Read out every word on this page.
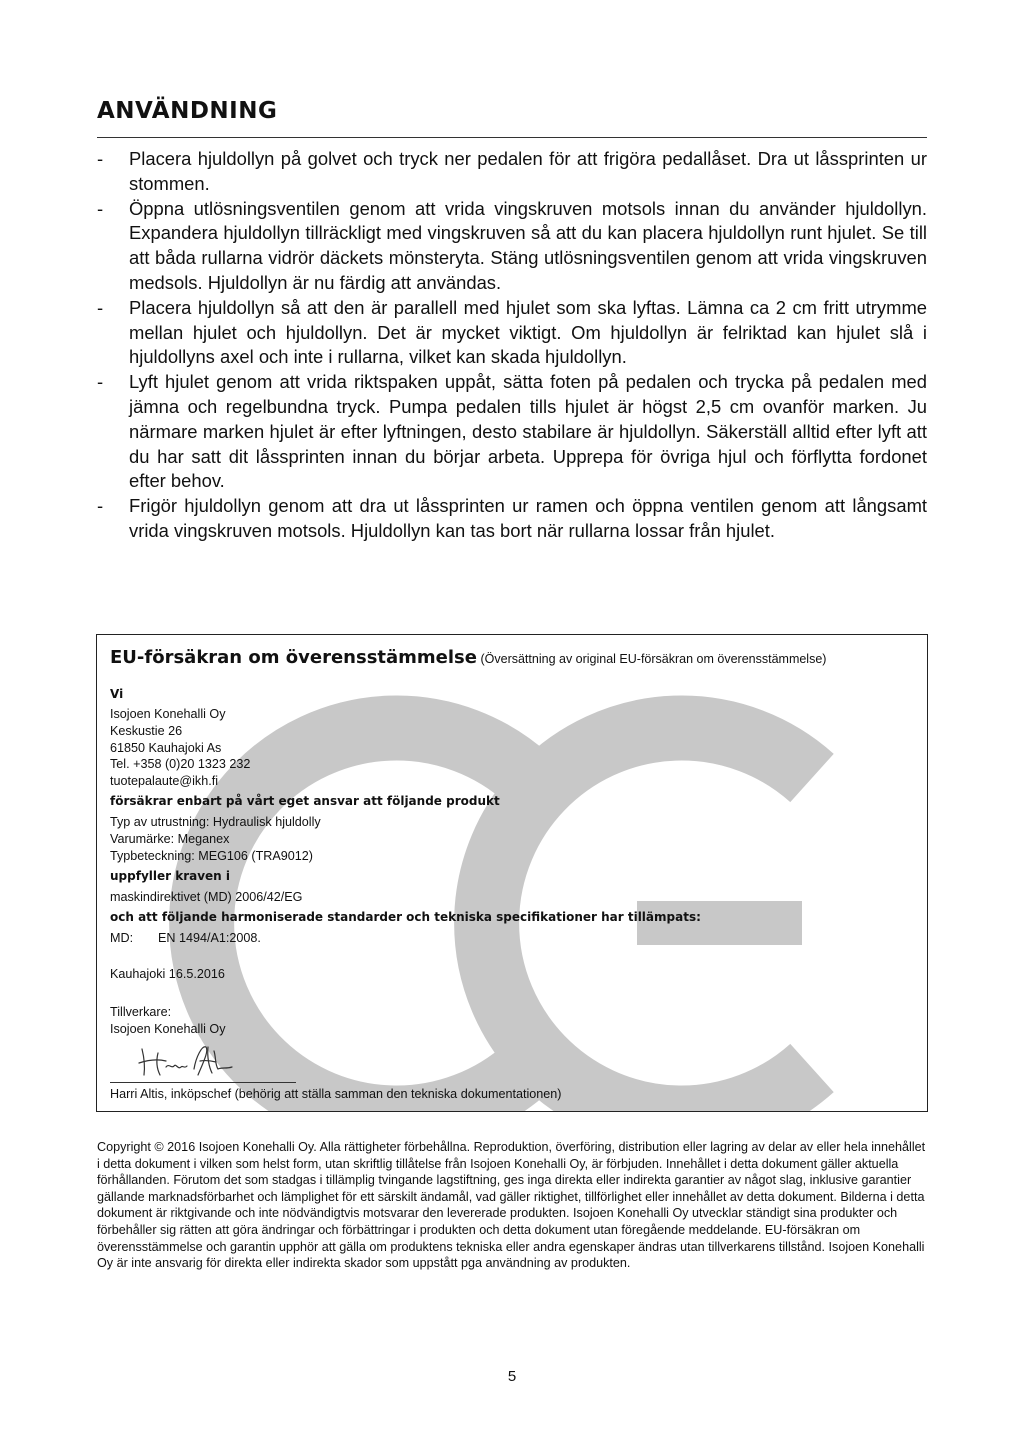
ANVÄNDNING
- Placera hjuldollyn på golvet och tryck ner pedalen för att frigöra pedallåset. Dra ut låssprinten ur stommen.
- Öppna utlösningsventilen genom att vrida vingskruven motsols innan du använder hjuldollyn. Expandera hjuldollyn tillräckligt med vingskruven så att du kan placera hjuldollyn runt hjulet. Se till att båda rullarna vidrör däckets mönsteryta. Stäng utlösningsventilen genom att vrida vingskruven medsols. Hjuldollyn är nu färdig att användas.
- Placera hjuldollyn så att den är parallell med hjulet som ska lyftas. Lämna ca 2 cm fritt utrymme mellan hjulet och hjuldollyn. Det är mycket viktigt. Om hjuldollyn är felriktad kan hjulet slå i hjuldollyns axel och inte i rullarna, vilket kan skada hjuldollyn.
- Lyft hjulet genom att vrida riktspaken uppåt, sätta foten på pedalen och trycka på pedalen med jämna och regelbundna tryck. Pumpa pedalen tills hjulet är högst 2,5 cm ovanför marken. Ju närmare marken hjulet är efter lyftningen, desto stabilare är hjuldollyn. Säkerställ alltid efter lyft att du har satt dit låssprinten innan du börjar arbeta. Upprepa för övriga hjul och förflytta fordonet efter behov.
- Frigör hjuldollyn genom att dra ut låssprinten ur ramen och öppna ventilen genom att långsamt vrida vingskruven motsols. Hjuldollyn kan tas bort när rullarna lossar från hjulet.
EU-försäkran om överensstämmelse (Översättning av original EU-försäkran om överensstämmelse)
Vi
Isojoen Konehalli Oy
Keskustie 26
61850 Kauhajoki As
Tel. +358 (0)20 1323 232
tuotepalaute@ikh.fi
försäkrar enbart på vårt eget ansvar att följande produkt
Typ av utrustning: Hydraulisk hjuldolly
Varumärke: Meganex
Typbeteckning: MEG106 (TRA9012)
uppfyller kraven i
maskindirektivet (MD) 2006/42/EG
och att följande harmoniserade standarder och tekniska specifikationer har tillämpats:
MD: EN 1494/A1:2008.
Kauhajoki 16.5.2016
Tillverkare:
Isojoen Konehalli Oy
Harri Altis, inköpschef (behörig att ställa samman den tekniska dokumentationen)

Copyright © 2016 Isojoen Konehalli Oy. Alla rättigheter förbehållna. Reproduktion, överföring, distribution eller lagring av delar av eller hela innehållet i detta dokument i vilken som helst form, utan skriftlig tillåtelse från Isojoen Konehalli Oy, är förbjuden. Innehållet i detta dokument gäller aktuella förhållanden. Förutom det som stadgas i tillämplig tvingande lagstiftning, ges inga direkta eller indirekta garantier av något slag, inklusive garantier gällande marknadsförbarhet och lämplighet för ett särskilt ändamål, vad gäller riktighet, tillförlighet eller innehållet av detta dokument. Bilderna i detta dokument är riktgivande och inte nödvändigtvis motsvarar den levererade produkten. Isojoen Konehalli Oy utvecklar ständigt sina produkter och förbehåller sig rätten att göra ändringar och förbättringar i produkten och detta dokument utan föregående meddelande. EU-försäkran om överensstämmelse och garantin upphör att gälla om produktens tekniska eller andra egenskaper ändras utan tillverkarens tillstånd. Isojoen Konehalli Oy är inte ansvarig för direkta eller indirekta skador som uppstått pga användning av produkten.

5
